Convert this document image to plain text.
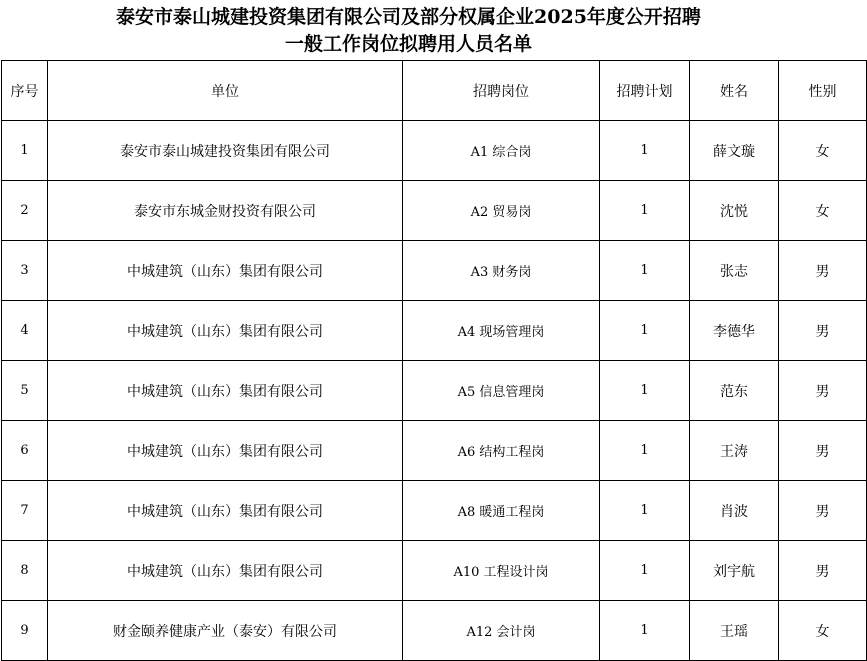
泰安市泰山城建投资集团有限公司及部分权属企业2025年度公开招聘
一般工作岗位拟聘用人员名单
序号	单位	招聘岗位	招聘计划	姓名	性别
1	泰安市泰山城建投资集团有限公司	A1 综合岗	1	薛文璇	女
2	泰安市东城金财投资有限公司	A2 贸易岗	1	沈悦	女
3	中城建筑（山东）集团有限公司	A3 财务岗	1	张志	男
4	中城建筑（山东）集团有限公司	A4 现场管理岗	1	李德华	男
5	中城建筑（山东）集团有限公司	A5 信息管理岗	1	范东	男
6	中城建筑（山东）集团有限公司	A6 结构工程岗	1	王涛	男
7	中城建筑（山东）集团有限公司	A8 暖通工程岗	1	肖波	男
8	中城建筑（山东）集团有限公司	A10 工程设计岗	1	刘宇航	男
9	财金颐养健康产业（泰安）有限公司	A12 会计岗	1	王瑶	女
